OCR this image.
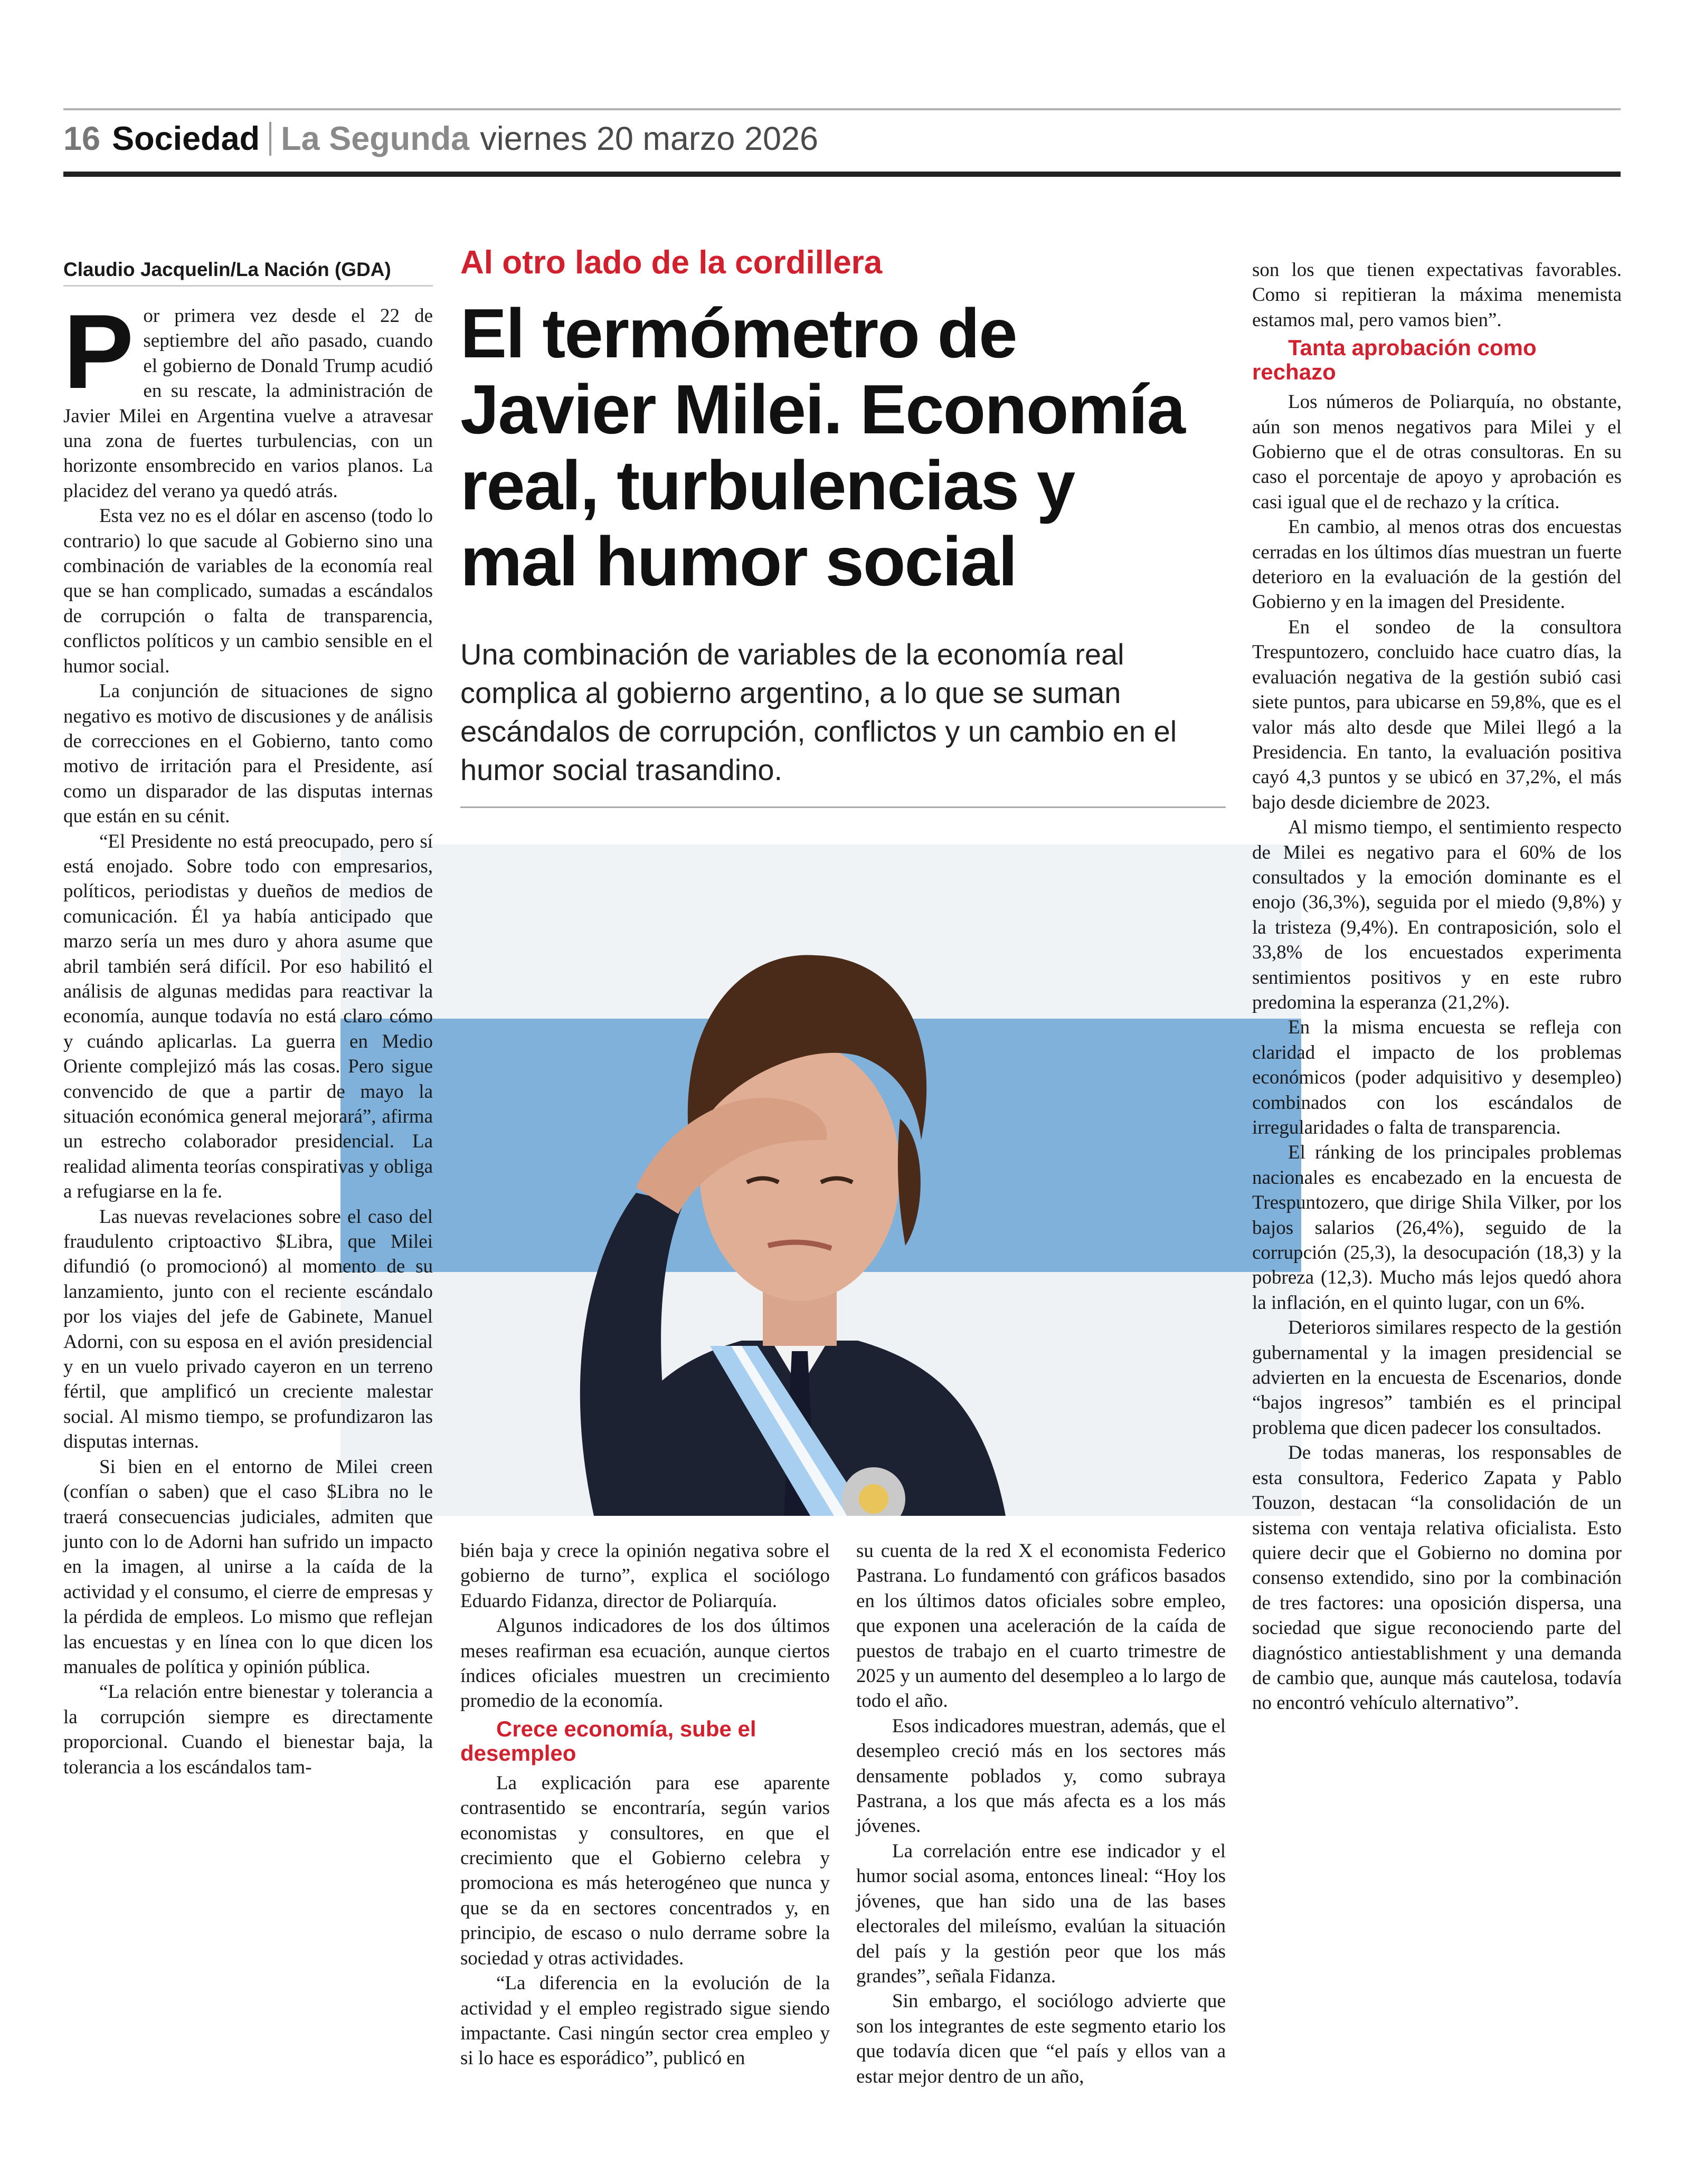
16 Sociedad La Segunda viernes 20 marzo 2026
Claudio Jacquelin/La Nación (GDA)	Al otro lado de la cordillera
El termómetro de
Javier Milei. Economía
real, turbulencias y
mal humor social
Una combinación de variables de la economía real complica al gobierno argentino, a lo que se suman escándalos de corrupción, conflictos y un cambio en el humor social trasandino.
P or primera vez desde el 22 de septiembre del año pasado, cuando el gobierno de Donald Trump acudió en su rescate, la administración de Javier Milei en Argentina vuelve a atravesar una zona de fuertes turbulencias, con un horizonte ensombrecido en varios planos. La placidez del verano ya quedó atrás.

Esta vez no es el dólar en ascenso (todo lo contrario) lo que sacude al Gobierno sino una combinación de variables de la economía real que se han complicado, sumadas a escándalos de corrupción o falta de transparencia, conflictos políticos y un cambio sensible en el humor social.

La conjunción de situaciones de signo negativo es motivo de discusiones y de análisis de correcciones en el Gobierno, tanto como motivo de irritación para el Presidente, así como un disparador de las disputas internas que están en su cénit.

“El Presidente no está preocupado, pero sí está enojado. Sobre todo con empresarios, políticos, periodistas y dueños de medios de comunicación. Él ya había anticipado que marzo sería un mes duro y ahora asume que abril también será difícil. Por eso habilitó el análisis de algunas medidas para reactivar la economía, aunque todavía no está claro cómo y cuándo aplicarlas. La guerra en Medio Oriente complejizó más las cosas. Pero sigue convencido de que a partir de mayo la situación económica general mejorará”, afirma un estrecho colaborador presidencial. La realidad alimenta teorías conspirativas y obliga a refugiarse en la fe.

Las nuevas revelaciones sobre el caso del fraudulento criptoactivo $Libra, que Milei difundió (o promocionó) al momento de su lanzamiento, junto con el reciente escándalo por los viajes del jefe de Gabinete, Manuel Adorni, con su esposa en el avión presidencial y en un vuelo privado cayeron en un terreno fértil, que amplificó un creciente malestar social. Al mismo tiempo, se profundizaron las disputas internas.

Si bien en el entorno de Milei creen (confían o saben) que el caso $Libra no le traerá consecuencias judiciales, admiten que junto con lo de Adorni han sufrido un impacto en la imagen, al unirse a la caída de la actividad y el consumo, el cierre de empresas y la pérdida de empleos. Lo mismo que reflejan las encuestas y en línea con lo que dicen los manuales de política y opinión pública.

“La relación entre bienestar y tolerancia a la corrupción siempre es directamente proporcional. Cuando el bienestar baja, la tolerancia a los escándalos tam-

bién baja y crece la opinión negativa sobre el gobierno de turno”, explica el sociólogo Eduardo Fidanza, director de Poliarquía.

Algunos indicadores de los dos últimos meses reafirman esa ecuación, aunque ciertos índices oficiales muestren un crecimiento promedio de la economía.

Crece economía, sube el desempleo

La explicación para ese aparente contrasentido se encontraría, según varios economistas y consultores, en que el crecimiento que el Gobierno celebra y promociona es más heterogéneo que nunca y que se da en sectores concentrados y, en principio, de escaso o nulo derrame sobre la sociedad y otras actividades.

“La diferencia en la evolución de la actividad y el empleo registrado sigue siendo impactante. Casi ningún sector crea empleo y si lo hace es esporádico”, publicó en

su cuenta de la red X el economista Federico Pastrana. Lo fundamentó con gráficos basados en los últimos datos oficiales sobre empleo, que exponen una aceleración de la caída de puestos de trabajo en el cuarto trimestre de 2025 y un aumento del desempleo a lo largo de todo el año.

Esos indicadores muestran, además, que el desempleo creció más en los sectores más densamente poblados y, como subraya Pastrana, a los que más afecta es a los más jóvenes.

La correlación entre ese indicador y el humor social asoma, entonces lineal: “Hoy los jóvenes, que han sido una de las bases electorales del mileísmo, evalúan la situación del país y la gestión peor que los más grandes”, señala Fidanza.

Sin embargo, el sociólogo advierte que son los integrantes de este segmento etario los que todavía dicen que “el país y ellos van a estar mejor dentro de un año,

son los que tienen expectativas favorables. Como si repitieran la máxima menemista estamos mal, pero vamos bien”.

Tanta aprobación como rechazo

Los números de Poliarquía, no obstante, aún son menos negativos para Milei y el Gobierno que el de otras consultoras. En su caso el porcentaje de apoyo y aprobación es casi igual que el de rechazo y la crítica.

En cambio, al menos otras dos encuestas cerradas en los últimos días muestran un fuerte deterioro en la evaluación de la gestión del Gobierno y en la imagen del Presidente.

En el sondeo de la consultora Trespuntozero, concluido hace cuatro días, la evaluación negativa de la gestión subió casi siete puntos, para ubicarse en 59,8%, que es el valor más alto desde que Milei llegó a la Presidencia. En tanto, la evaluación positiva cayó 4,3 puntos y se ubicó en 37,2%, el más bajo desde diciembre de 2023.

Al mismo tiempo, el sentimiento respecto de Milei es negativo para el 60% de los consultados y la emoción dominante es el enojo (36,3%), seguida por el miedo (9,8%) y la tristeza (9,4%). En contraposición, solo el 33,8% de los encuestados experimenta sentimientos positivos y en este rubro predomina la esperanza (21,2%).

En la misma encuesta se refleja con claridad el impacto de los problemas económicos (poder adquisitivo y desempleo) combinados con los escándalos de irregularidades o falta de transparencia.

El ránking de los principales problemas nacionales es encabezado en la encuesta de Trespuntozero, que dirige Shila Vilker, por los bajos salarios (26,4%), seguido de la corrupción (25,3), la desocupación (18,3) y la pobreza (12,3). Mucho más lejos quedó ahora la inflación, en el quinto lugar, con un 6%.

Deterioros similares respecto de la gestión gubernamental y la imagen presidencial se advierten en la encuesta de Escenarios, donde “bajos ingresos” también es el principal problema que dicen padecer los consultados.

De todas maneras, los responsables de esta consultora, Federico Zapata y Pablo Touzon, destacan “la consolidación de un sistema con ventaja relativa oficialista. Esto quiere decir que el Gobierno no domina por consenso extendido, sino por la combinación de tres factores: una oposición dispersa, una sociedad que sigue reconociendo parte del diagnóstico antiestablishment y una demanda de cambio que, aunque más cautelosa, todavía no encontró vehículo alternativo”.
